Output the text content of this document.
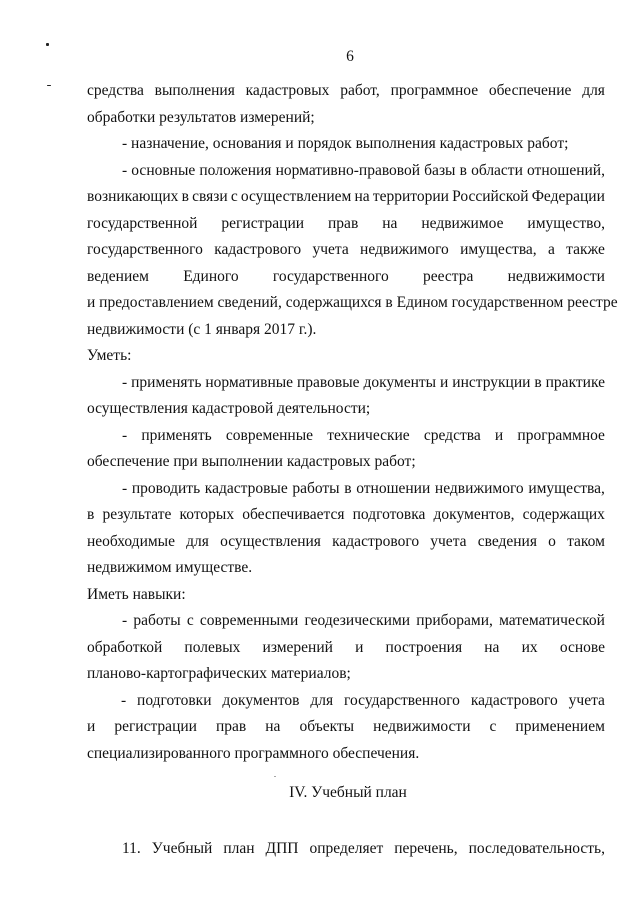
6
средства выполнения кадастровых работ, программное обеспечение для
обработки результатов измерений;
- назначение, основания и порядок выполнения кадастровых работ;
- основные положения нормативно-правовой базы в области отношений,
возникающих в связи с осуществлением на территории Российской Федерации
государственной регистрации прав на недвижимое имущество,
государственного кадастрового учета недвижимого имущества, а также
ведением Единого государственного реестра недвижимости
и предоставлением сведений, содержащихся в Едином государственном реестре
недвижимости (с 1 января 2017 г.).
Уметь:
- применять нормативные правовые документы и инструкции в практике
осуществления кадастровой деятельности;
- применять современные технические средства и программное
обеспечение при выполнении кадастровых работ;
- проводить кадастровые работы в отношении недвижимого имущества,
в результате которых обеспечивается подготовка документов, содержащих
необходимые для осуществления кадастрового учета сведения о таком
недвижимом имуществе.
Иметь навыки:
- работы с современными геодезическими приборами, математической
обработкой полевых измерений и построения на их основе
планово-картографических материалов;
- подготовки документов для государственного кадастрового учета
и регистрации прав на объекты недвижимости с применением
специализированного программного обеспечения.
IV. Учебный план
11. Учебный план ДПП определяет перечень, последовательность,
